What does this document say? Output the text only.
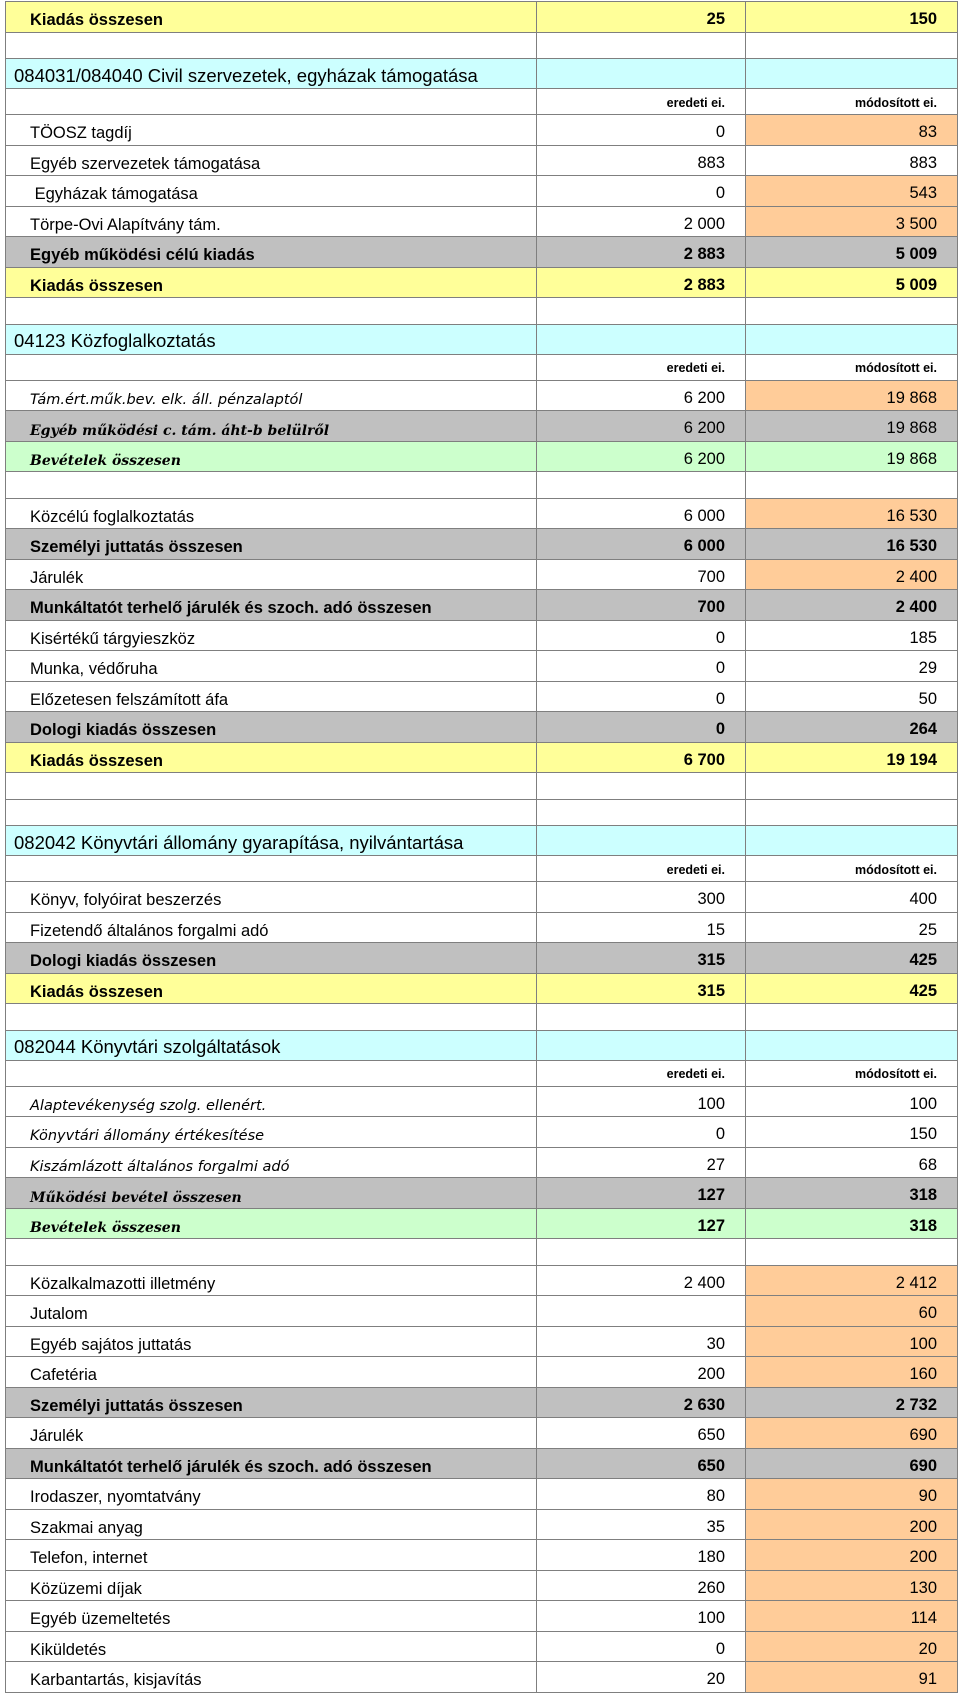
Kiadás összesen	25	150

084031/084040 Civil szervezetek, egyházak támogatása		
	eredeti ei.	módosított ei.
TÖOSZ tagdíj	0	83
Egyéb szervezetek támogatása	883	883
Egyházak támogatása	0	543
Törpe-Ovi Alapítvány tám.	2 000	3 500
Egyéb működési célú kiadás	2 883	5 009
Kiadás összesen	2 883	5 009

04123 Közfoglalkoztatás		
	eredeti ei.	módosított ei.
Tám.ért.műk.bev. elk. áll. pénzalaptól	6 200	19 868
Egyéb működési c. tám. áht-b belülről	6 200	19 868
Bevételek összesen	6 200	19 868

Közcélú foglalkoztatás	6 000	16 530
Személyi juttatás összesen	6 000	16 530
Járulék	700	2 400
Munkáltatót terhelő járulék és szoch. adó összesen	700	2 400
Kisértékű tárgyieszköz	0	185
Munka, védőruha	0	29
Előzetesen felszámított áfa	0	50
Dologi kiadás összesen	0	264
Kiadás összesen	6 700	19 194

082042 Könyvtári állomány gyarapítása, nyilvántartása		
	eredeti ei.	módosított ei.
Könyv, folyóirat beszerzés	300	400
Fizetendő általános forgalmi adó	15	25
Dologi kiadás összesen	315	425
Kiadás összesen	315	425

082044 Könyvtári szolgáltatások		
	eredeti ei.	módosított ei.
Alaptevékenység szolg. ellenért.	100	100
Könyvtári állomány értékesítése	0	150
Kiszámlázott általános forgalmi adó	27	68
Működési bevétel összesen	127	318
Bevételek összesen	127	318

Közalkalmazotti illetmény	2 400	2 412
Jutalom		60
Egyéb sajátos juttatás	30	100
Cafetéria	200	160
Személyi juttatás összesen	2 630	2 732
Járulék	650	690
Munkáltatót terhelő járulék és szoch. adó összesen	650	690
Irodaszer, nyomtatvány	80	90
Szakmai anyag	35	200
Telefon, internet	180	200
Közüzemi díjak	260	130
Egyéb üzemeltetés	100	114
Kiküldetés	0	20
Karbantartás, kisjavítás	20	91
